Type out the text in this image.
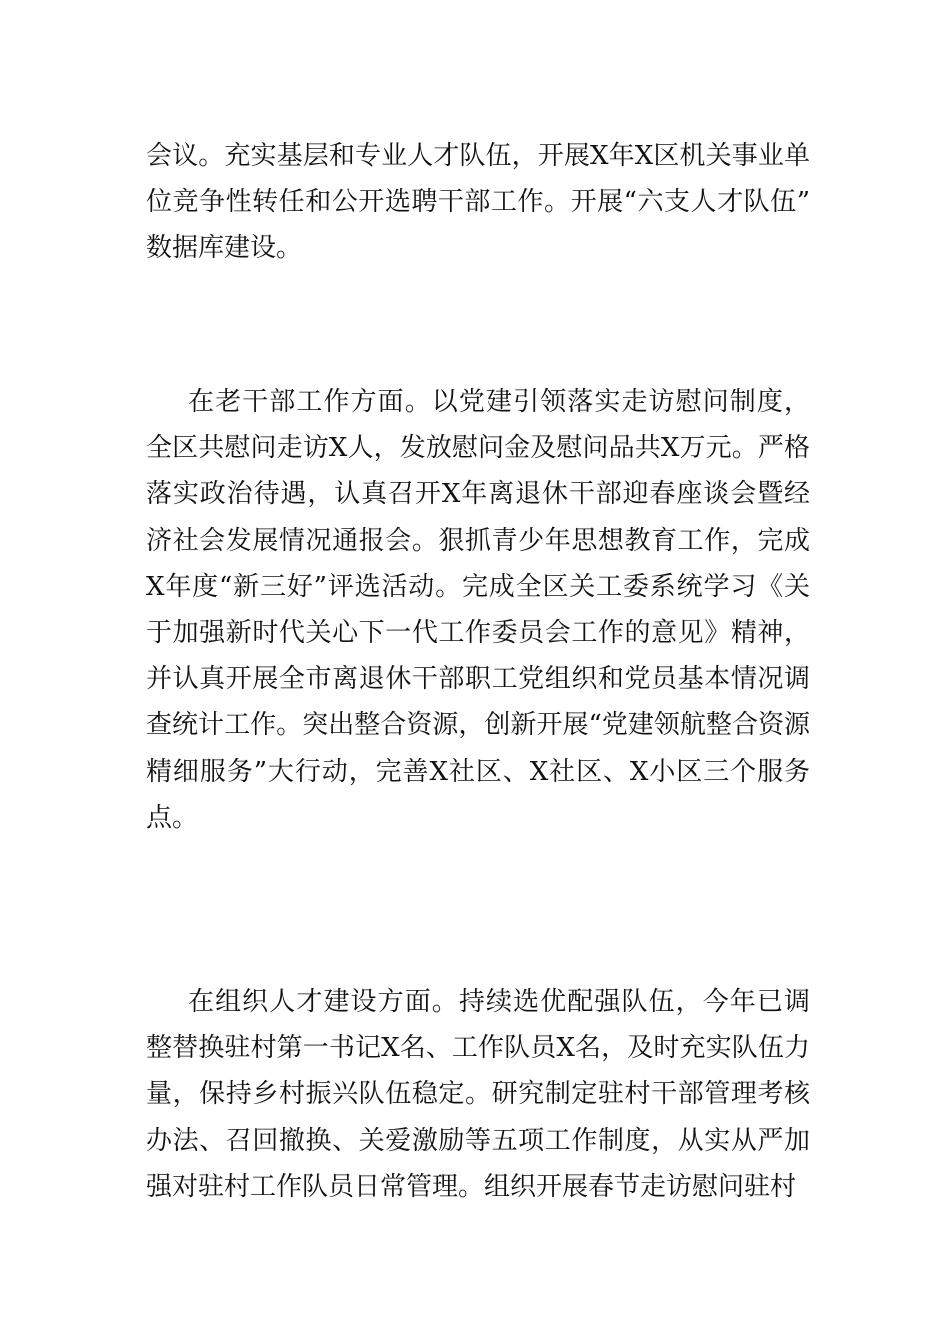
会议。充实基层和专业人才队伍，开展X年X区机关事业单位竞争性转任和公开选聘干部工作。开展“六支人才队伍”数据库建设。

在老干部工作方面。以党建引领落实走访慰问制度，全区共慰问走访X人，发放慰问金及慰问品共X万元。严格落实政治待遇，认真召开X年离退休干部迎春座谈会暨经济社会发展情况通报会。狠抓青少年思想教育工作，完成X年度“新三好”评选活动。完成全区关工委系统学习《关于加强新时代关心下一代工作委员会工作的意见》精神，并认真开展全市离退休干部职工党组织和党员基本情况调查统计工作。突出整合资源，创新开展“党建领航整合资源精细服务”大行动，完善X社区、X社区、X小区三个服务点。

在组织人才建设方面。持续选优配强队伍，今年已调整替换驻村第一书记X名、工作队员X名，及时充实队伍力量，保持乡村振兴队伍稳定。研究制定驻村干部管理考核办法、召回撤换、关爱激励等五项工作制度，从实从严加强对驻村工作队员日常管理。组织开展春节走访慰问驻村
